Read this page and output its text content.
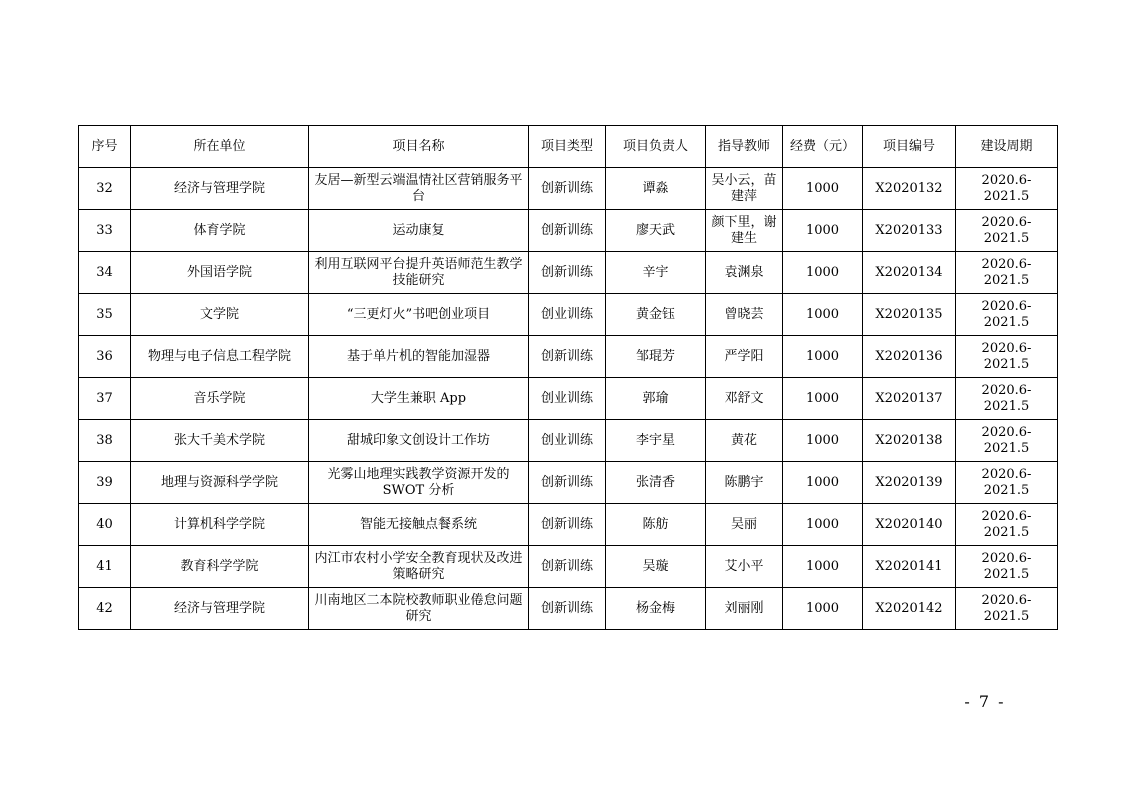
序号	所在单位	项目名称	项目类型	项目负责人	指导教师	经费（元）	项目编号	建设周期
32	经济与管理学院	友居—新型云端温情社区营销服务平台	创新训练	谭淼	吴小云，苗建萍	1000	X2020132	2020.6-2021.5
33	体育学院	运动康复	创新训练	廖天武	颜下里，谢建生	1000	X2020133	2020.6-2021.5
34	外国语学院	利用互联网平台提升英语师范生教学技能研究	创新训练	辛宇	袁渊泉	1000	X2020134	2020.6-2021.5
35	文学院	“三更灯火”书吧创业项目	创业训练	黄金钰	曾晓芸	1000	X2020135	2020.6-2021.5
36	物理与电子信息工程学院	基于单片机的智能加湿器	创新训练	邹琨芳	严学阳	1000	X2020136	2020.6-2021.5
37	音乐学院	大学生兼职 App	创业训练	郭瑜	邓舒文	1000	X2020137	2020.6-2021.5
38	张大千美术学院	甜城印象文创设计工作坊	创业训练	李宇星	黄花	1000	X2020138	2020.6-2021.5
39	地理与资源科学学院	光雾山地理实践教学资源开发的 SWOT 分析	创新训练	张清香	陈鹏宇	1000	X2020139	2020.6-2021.5
40	计算机科学学院	智能无接触点餐系统	创新训练	陈舫	吴丽	1000	X2020140	2020.6-2021.5
41	教育科学学院	内江市农村小学安全教育现状及改进策略研究	创新训练	吴璇	艾小平	1000	X2020141	2020.6-2021.5
42	经济与管理学院	川南地区二本院校教师职业倦怠问题研究	创新训练	杨金梅	刘丽刚	1000	X2020142	2020.6-2021.5
- 7 -
